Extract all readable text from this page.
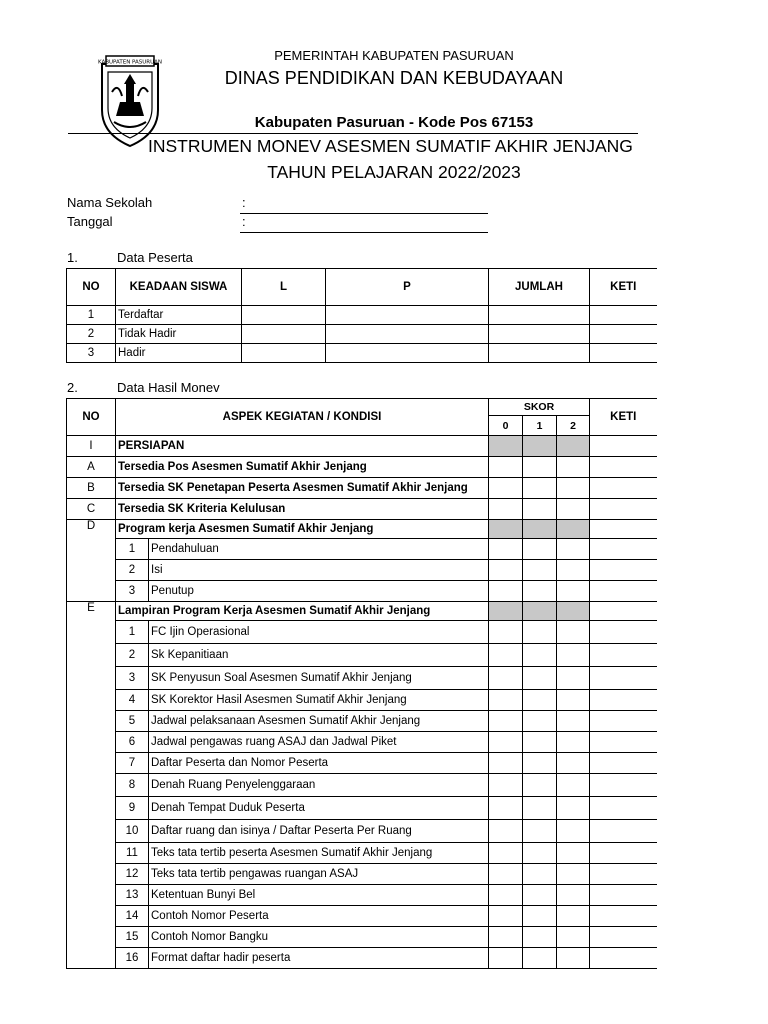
KABUPATEN PASURUAN	PEMERINTAH KABUPATEN PASURUAN
DINAS PENDIDIKAN DAN KEBUDAYAAN
Kabupaten Pasuruan - Kode Pos 67153
INSTRUMEN MONEV ASESMEN SUMATIF AKHIR JENJANG
TAHUN PELAJARAN 2022/2023
Nama Sekolah	:
Tanggal	:
1.	Data Peserta
NO	KEADAAN SISWA	L	P	JUMLAH	KETI
1	Terdaftar				
2	Tidak Hadir				
3	Hadir				
2.	Data Hasil Monev
NO	ASPEK KEGIATAN / KONDISI		SKOR			KETI
			0	1	2	
I	PERSIAPAN					
A	Tersedia Pos Asesmen Sumatif Akhir Jenjang					
B	Tersedia SK Penetapan Peserta Asesmen Sumatif Akhir Jenjang					
C	Tersedia SK Kriteria Kelulusan					
D	Program kerja Asesmen Sumatif Akhir Jenjang					
	1	Pendahuluan				
	2	Isi				
	3	Penutup				
E	Lampiran Program Kerja Asesmen Sumatif Akhir Jenjang					
	1	FC Ijin Operasional				
	2	Sk Kepanitiaan				
	3	SK Penyusun Soal Asesmen Sumatif Akhir Jenjang				
	4	SK Korektor Hasil Asesmen Sumatif Akhir Jenjang				
	5	Jadwal pelaksanaan Asesmen Sumatif Akhir Jenjang				
	6	Jadwal pengawas ruang ASAJ dan Jadwal Piket				
	7	Daftar Peserta dan Nomor Peserta				
	8	Denah Ruang Penyelenggaraan				
	9	Denah Tempat Duduk Peserta				
	10	Daftar ruang dan isinya / Daftar Peserta Per Ruang				
	11	Teks tata tertib peserta Asesmen Sumatif Akhir Jenjang				
	12	Teks tata tertib pengawas ruangan ASAJ				
	13	Ketentuan Bunyi Bel				
	14	Contoh Nomor Peserta				
	15	Contoh Nomor Bangku				
	16	Format daftar hadir peserta				
